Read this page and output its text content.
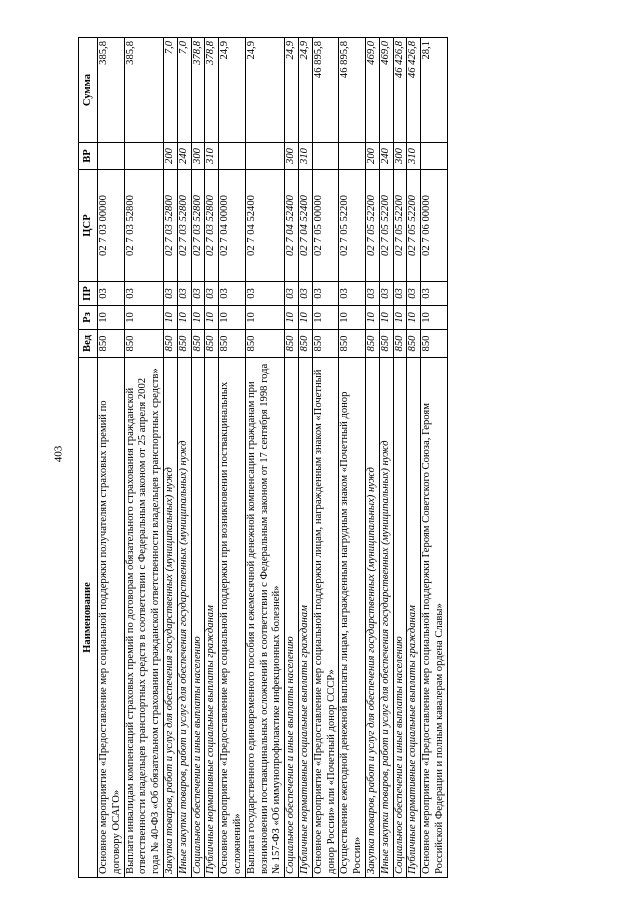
403
Наименование	Вед	Рз	ПР	ЦСР	ВР	Сумма
Основное мероприятие «Предоставление мер социальной поддержки получателям страховых премий по договору ОСАГО»	850	10	03	02 7 03 00000		385,8
Выплата инвалидам компенсаций страховых премий по договорам обязательного страхования гражданской ответственности владельцев транспортных средств в соответствии с Федеральным законом от 25 апреля 2002 года № 40-ФЗ «Об обязательном страховании гражданской ответственности владельцев транспортных средств»	850	10	03	02 7 03 52800		385,8
Закупка товаров, работ и услуг для обеспечения государственных (муниципальных) нужд	850	10	03	02 7 03 52800	200	7,0
Иные закупки товаров, работ и услуг для обеспечения государственных (муниципальных) нужд	850	10	03	02 7 03 52800	240	7,0
Социальное обеспечение и иные выплаты населению	850	10	03	02 7 03 52800	300	378,8
Публичные нормативные социальные выплаты гражданам	850	10	03	02 7 03 52800	310	378,8
Основное мероприятие «Предоставление мер социальной поддержки при возникновении поствакцинальных осложнений»	850	10	03	02 7 04 00000		24,9
Выплата государственного единовременного пособия и ежемесячной денежной компенсации гражданам при возникновении поствакцинальных осложнений в соответствии с Федеральным законом от 17 сентября 1998 года № 157-ФЗ «Об иммунопрофилактике инфекционных болезней»	850	10	03	02 7 04 52400		24,9
Социальное обеспечение и иные выплаты населению	850	10	03	02 7 04 52400	300	24,9
Публичные нормативные социальные выплаты гражданам	850	10	03	02 7 04 52400	310	24,9
Основное мероприятие «Предоставление мер социальной поддержки лицам, награжденным знаком «Почетный донор России» или «Почетный донор СССР»	850	10	03	02 7 05 00000		46 895,8
Осуществление ежегодной денежной выплаты лицам, награжденным нагрудным знаком «Почетный донор России»	850	10	03	02 7 05 52200		46 895,8
Закупка товаров, работ и услуг для обеспечения государственных (муниципальных) нужд	850	10	03	02 7 05 52200	200	469,0
Иные закупки товаров, работ и услуг для обеспечения государственных (муниципальных) нужд	850	10	03	02 7 05 52200	240	469,0
Социальное обеспечение и иные выплаты населению	850	10	03	02 7 05 52200	300	46 426,8
Публичные нормативные социальные выплаты гражданам	850	10	03	02 7 05 52200	310	46 426,8
Основное мероприятие «Предоставление мер социальной поддержки Героям Советского Союза, Героям Российской Федерации и полным кавалерам ордена Славы»	850	10	03	02 7 06 00000		28,1
